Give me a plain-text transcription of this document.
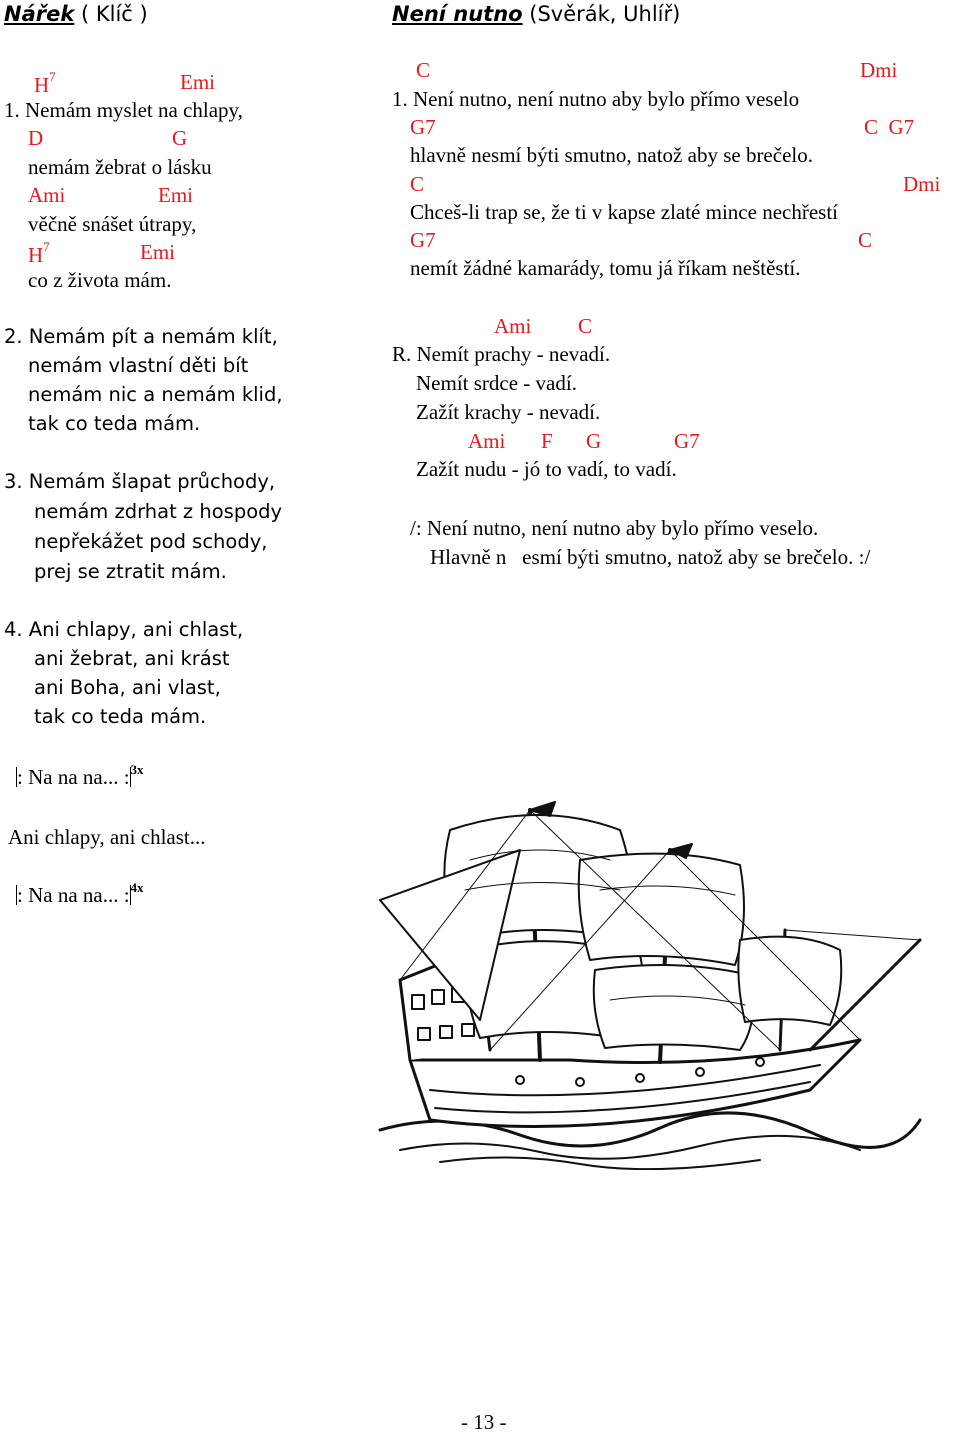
Nářek ( Klíč )
$H^7$	Emi
1. Nemám myslet na chlapy,
D	G
nemám žebrat o lásku
Ami	Emi
věčně snášet útrapy,
$H^7$	Emi
co z života mám.
2. Nemám pít a nemám klít,
nemám vlastní děti bít
nemám nic a nemám klid,
tak co teda mám.
3. Nemám šlapat průchody,
nemám zdrhat z hospody
nepřekážet pod schody,
prej se ztratit mám.
4. Ani chlapy, ani chlast,
ani žebrat, ani krást
ani Boha, ani vlast,
tak co teda mám.
: Na na na... :$^{3x}$
Ani chlapy, ani chlast...
: Na na na... :$^{4x}$
Není nutno (Svěrák, Uhlíř)
C	Dmi
1. Není nutno, není nutno aby bylo přímo veselo
G7	C  G7
hlavně nesmí býti smutno, natož aby se brečelo.
C	Dmi
Chceš-li trap se, že ti v kapse zlaté mince nechřestí
G7	C
nemít žádné kamarády, tomu já říkam neštěstí.
Ami C
R. Nemít prachy - nevadí.
Nemít srdce - vadí.
Zažít krachy - nevadí.
Ami F G	G7
Zažít nudu - jó to vadí, to vadí.
/: Není nutno, není nutno aby bylo přímo veselo.
Hlavně n   esmí býti smutno, natož aby se brečelo. :/
- 13 -
